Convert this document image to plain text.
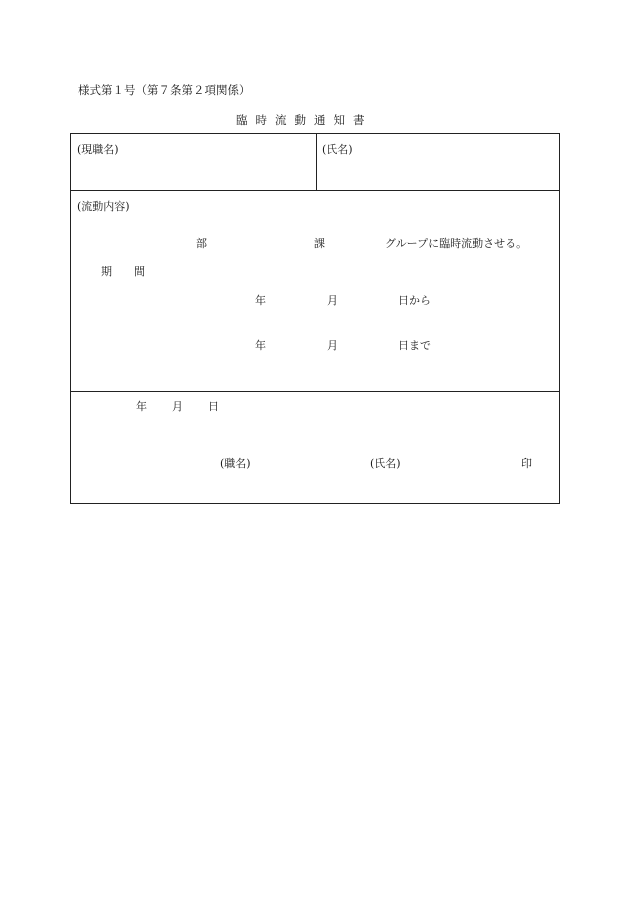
様式第１号（第７条第２項関係）
臨時流動通知書
(現職名)	(氏名)
(流動内容)
部	課	グループに臨時流動させる。
期　　間
年	月	日から
年	月	日まで
年 月 日
(職名)	(氏名)	印
